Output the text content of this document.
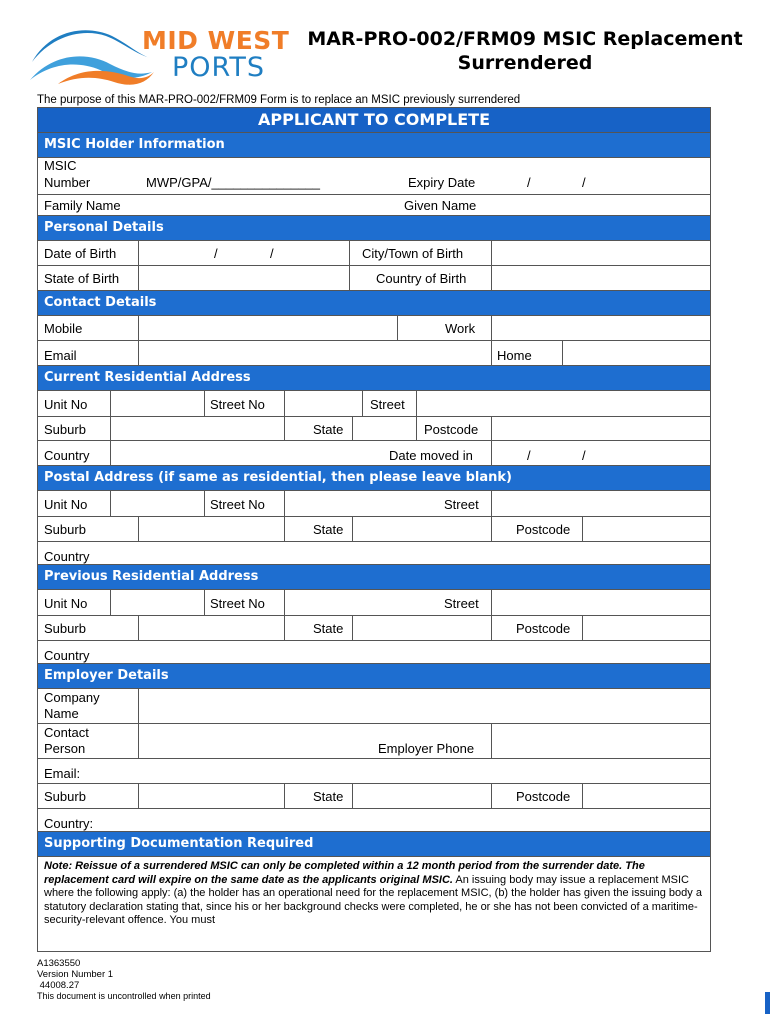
MID WEST
PORTS
MAR-PRO-002/FRM09 MSIC Replacement
Surrendered
The purpose of this MAR-PRO-002/FRM09 Form is to replace an MSIC previously surrendered
APPLICANT TO COMPLETE
MSIC Holder Information
MSIC
Number	MWP/GPA/_______________	Expiry Date	/	/
Family Name	Given Name
Personal Details
Date of Birth	/	/	City/Town of Birth
State of Birth	Country of Birth
Contact Details
Mobile	Work
Email	Home
Current Residential Address
Unit No	Street No	Street
Suburb	State	Postcode
Country	Date moved in	/	/
Postal Address (if same as residential, then please leave blank)
Unit No	Street No	Street
Suburb	State	Postcode
Country
Previous Residential Address
Unit No	Street No	Street
Suburb	State	Postcode
Country
Employer Details
Company
Name
Contact
Person	Employer Phone
Email:
Suburb	State	Postcode
Country:
Supporting Documentation Required
Note: Reissue of a surrendered MSIC can only be completed within a 12 month period from the surrender date. The replacement card will expire on the same date as the applicants original MSIC. An issuing body may issue a replacement MSIC where the following apply: (a) the holder has an operational need for the replacement MSIC, (b) the holder has given the issuing body a statutory declaration stating that, since his or her background checks were completed, he or she has not been convicted of a maritime-security-relevant offence. You must
A1363550
Version Number 1
44008.27
This document is uncontrolled when printed
